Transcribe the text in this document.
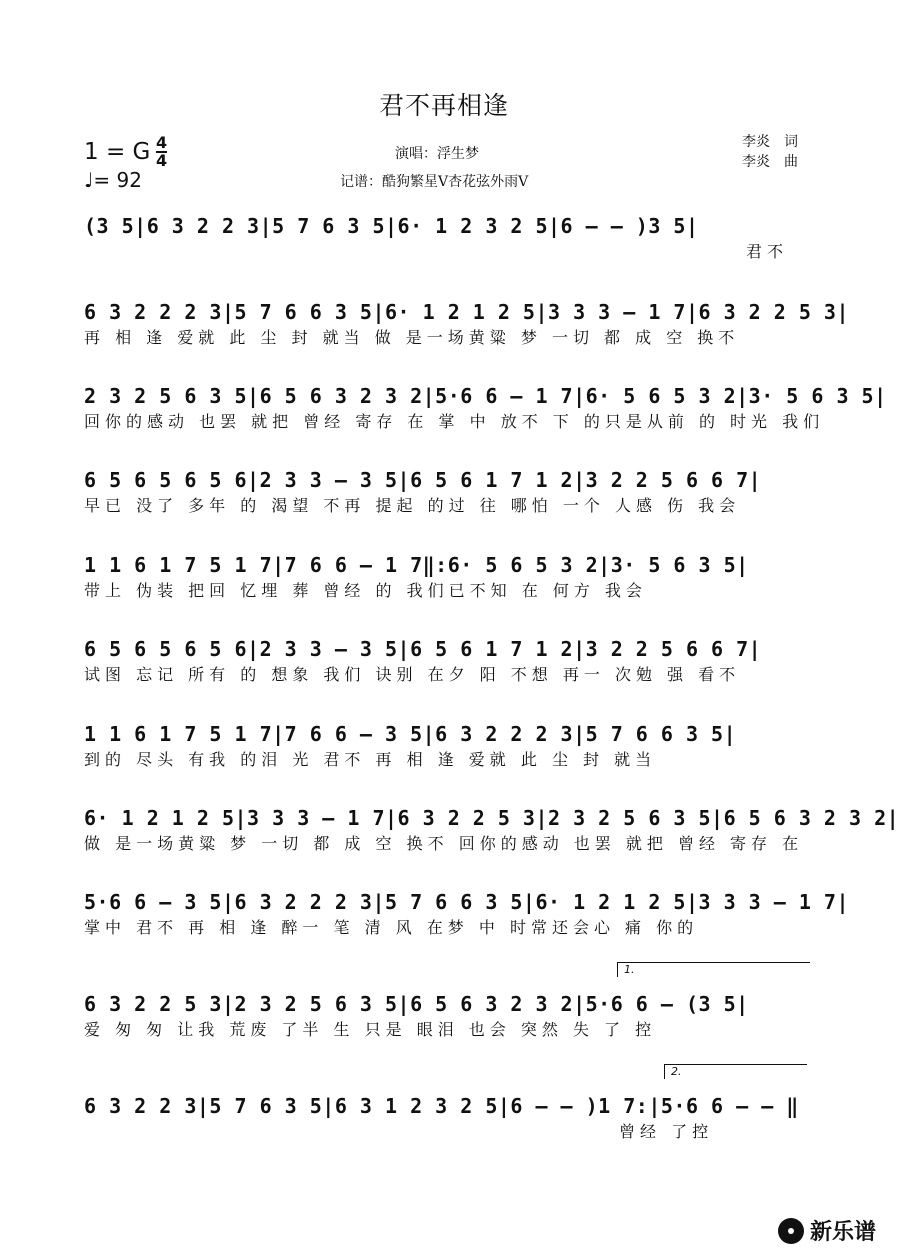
君不再相逢
1 = G 4
4
♩= 92
演唱：浮生梦
记谱：酷狗繁星V杏花弦外雨V
李炎　词
李炎　曲
(3 5|6 3 2 2 3|5 7 6 3 5|6· 1 2 3 2 5|6 – – )3 5|
君不
6 3 2 2 2 3|5 7 6 6 3 5|6· 1 2 1 2 5|3 3 3 – 1 7|6 3 2 2 5 3|
再 相 逢 爱就 此 尘 封 就当 做 是一场黄粱 梦 一切 都 成 空 换不
2 3 2 5 6 3 5|6 5 6 3 2 3 2|5·6 6 – 1 7|6· 5 6 5 3 2|3· 5 6 3 5|
回你的感动 也罢 就把 曾经 寄存 在 掌 中 放不 下 的只是从前 的 时光 我们
6 5 6 5 6 5 6|2 3 3 – 3 5|6 5 6 1 7 1 2|3 2 2 5 6 6 7|
早已 没了 多年 的 渴望 不再 提起 的过 往 哪怕 一个 人感 伤 我会
1 1 6 1 7 5 1 7|7 6 6 – 1 7‖:6· 5 6 5 3 2|3· 5 6 3 5|
带上 伪装 把回 忆埋 葬 曾经 的 我们已不知 在 何方 我会
6 5 6 5 6 5 6|2 3 3 – 3 5|6 5 6 1 7 1 2|3 2 2 5 6 6 7|
试图 忘记 所有 的 想象 我们 诀别 在夕 阳 不想 再一 次勉 强 看不
1 1 6 1 7 5 1 7|7 6 6 – 3 5|6 3 2 2 2 3|5 7 6 6 3 5|
到的 尽头 有我 的泪 光 君不 再 相 逢 爱就 此 尘 封 就当
6· 1 2 1 2 5|3 3 3 – 1 7|6 3 2 2 5 3|2 3 2 5 6 3 5|6 5 6 3 2 3 2|
做 是一场黄粱 梦 一切 都 成 空 换不 回你的感动 也罢 就把 曾经 寄存 在
5·6 6 – 3 5|6 3 2 2 2 3|5 7 6 6 3 5|6· 1 2 1 2 5|3 3 3 – 1 7|
掌中 君不 再 相 逢 醉一 笔 清 风 在梦 中 时常还会心 痛 你的
1.
6 3 2 2 5 3|2 3 2 5 6 3 5|6 5 6 3 2 3 2|5·6 6 – (3 5|
爱 匆 匆 让我 荒废 了半 生 只是 眼泪 也会 突然 失 了 控
2.
6 3 2 2 3|5 7 6 3 5|6 3 1 2 3 2 5|6 – – )1 7:|5·6 6 – – ‖
曾经 了控
新乐谱
